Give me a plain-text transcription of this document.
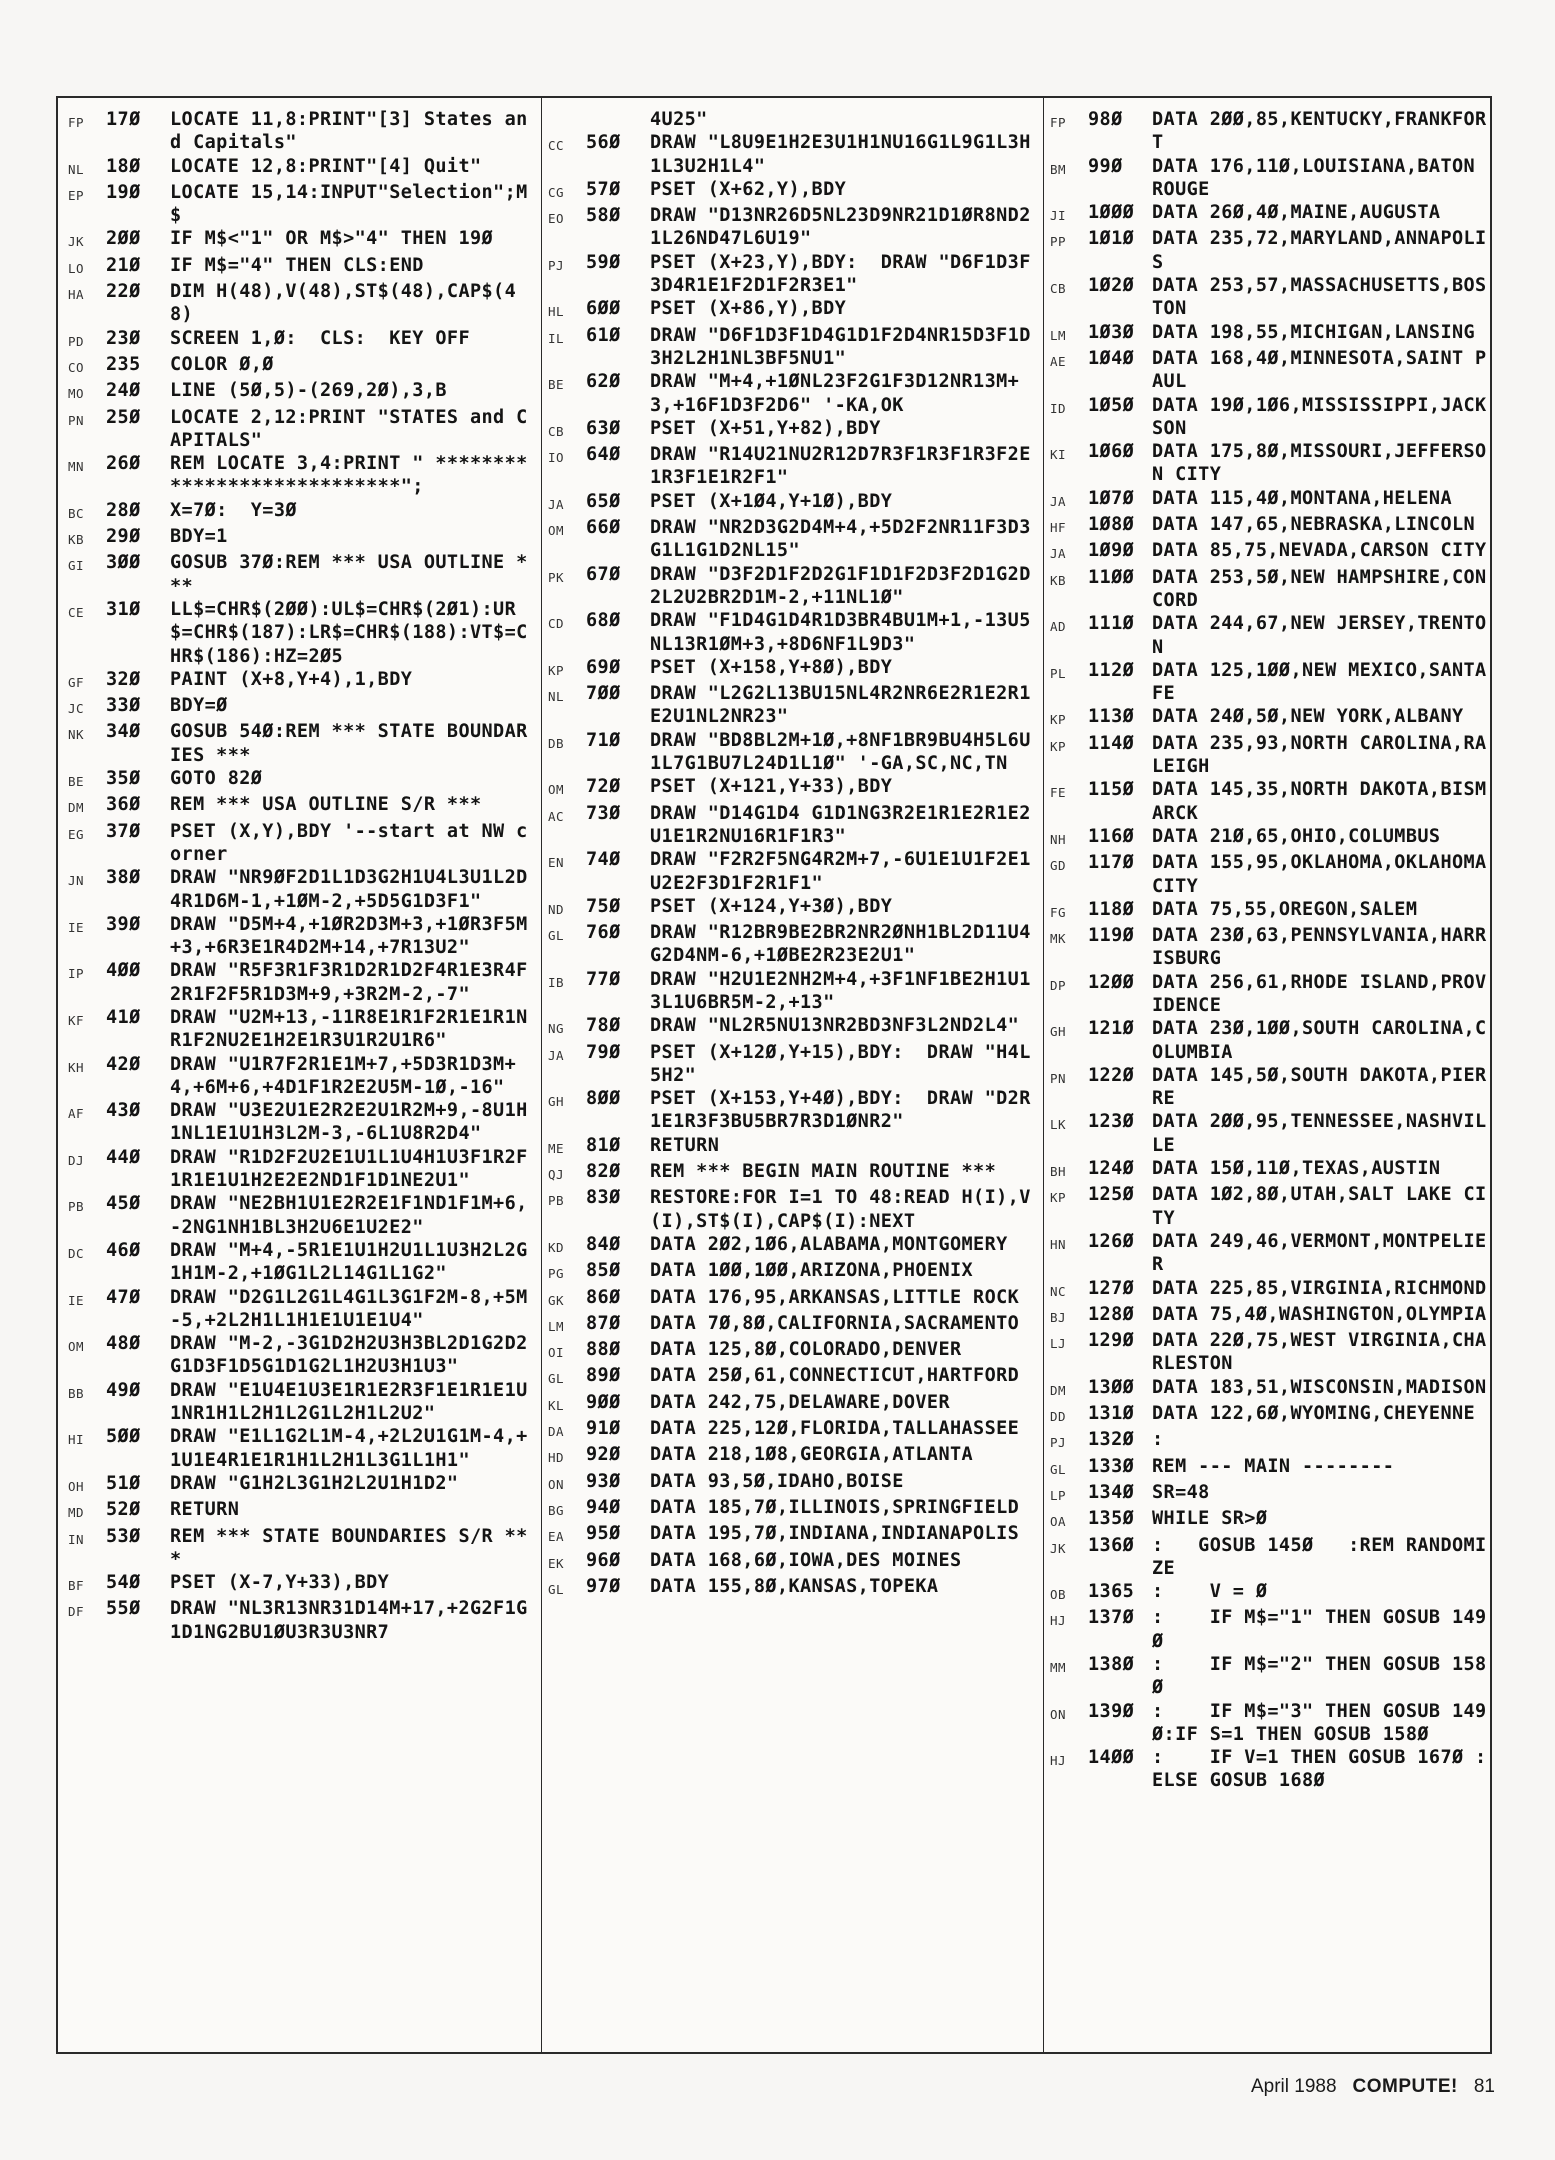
FP	17Ø	LOCATE 11,8:PRINT"[3] States and Capitals"
NL	18Ø	LOCATE 12,8:PRINT"[4] Quit"
EP	19Ø	LOCATE 15,14:INPUT"Selection";M$
JK	2ØØ	IF M$<"1" OR M$>"4" THEN 19Ø
LO	21Ø	IF M$="4" THEN CLS:END
HA	22Ø	DIM H(48),V(48),ST$(48),CAP$(48)
PD	23Ø	SCREEN 1,Ø:  CLS:  KEY OFF
CO	235	COLOR Ø,Ø
MO	24Ø	LINE (5Ø,5)-(269,2Ø),3,B
PN	25Ø	LOCATE 2,12:PRINT "STATES and CAPITALS"
MN	26Ø	REM LOCATE 3,4:PRINT " ****************************";
BC	28Ø	X=7Ø:  Y=3Ø
KB	29Ø	BDY=1
GI	3ØØ	GOSUB 37Ø:REM *** USA OUTLINE ***
CE	31Ø	LL$=CHR$(2ØØ):UL$=CHR$(2Ø1):UR$=CHR$(187):LR$=CHR$(188):VT$=CHR$(186):HZ=2Ø5
GF	32Ø	PAINT (X+8,Y+4),1,BDY
JC	33Ø	BDY=Ø
NK	34Ø	GOSUB 54Ø:REM *** STATE BOUNDARIES ***
BE	35Ø	GOTO 82Ø
DM	36Ø	REM *** USA OUTLINE S/R ***
EG	37Ø	PSET (X,Y),BDY '--start at NW corner
JN	38Ø	DRAW "NR9ØF2D1L1D3G2H1U4L3U1L2D4R1D6M-1,+1ØM-2,+5D5G1D3F1"
IE	39Ø	DRAW "D5M+4,+1ØR2D3M+3,+1ØR3F5M+3,+6R3E1R4D2M+14,+7R13U2"
IP	4ØØ	DRAW "R5F3R1F3R1D2R1D2F4R1E3R4F2R1F2F5R1D3M+9,+3R2M-2,-7"
KF	41Ø	DRAW "U2M+13,-11R8E1R1F2R1E1R1NR1F2NU2E1H2E1R3U1R2U1R6"
KH	42Ø	DRAW "U1R7F2R1E1M+7,+5D3R1D3M+4,+6M+6,+4D1F1R2E2U5M-1Ø,-16"
AF	43Ø	DRAW "U3E2U1E2R2E2U1R2M+9,-8U1H1NL1E1U1H3L2M-3,-6L1U8R2D4"
DJ	44Ø	DRAW "R1D2F2U2E1U1L1U4H1U3F1R2F1R1E1U1H2E2E2ND1F1D1NE2U1"
PB	45Ø	DRAW "NE2BH1U1E2R2E1F1ND1F1M+6,-2NG1NH1BL3H2U6E1U2E2"
DC	46Ø	DRAW "M+4,-5R1E1U1H2U1L1U3H2L2G1H1M-2,+1ØG1L2L14G1L1G2"
IE	47Ø	DRAW "D2G1L2G1L4G1L3G1F2M-8,+5M-5,+2L2H1L1H1E1U1E1U4"
OM	48Ø	DRAW "M-2,-3G1D2H2U3H3BL2D1G2D2G1D3F1D5G1D1G2L1H2U3H1U3"
BB	49Ø	DRAW "E1U4E1U3E1R1E2R3F1E1R1E1U1NR1H1L2H1L2G1L2H1L2U2"
HI	5ØØ	DRAW "E1L1G2L1M-4,+2L2U1G1M-4,+1U1E4R1E1R1H1L2H1L3G1L1H1"
OH	51Ø	DRAW "G1H2L3G1H2L2U1H1D2"
MD	52Ø	RETURN
IN	53Ø	REM *** STATE BOUNDARIES S/R ***
BF	54Ø	PSET (X-7,Y+33),BDY
DF	55Ø	DRAW "NL3R13NR31D14M+17,+2G2F1G1D1NG2BU1ØU3R3U3NR7
4U25"
CC	56Ø	DRAW "L8U9E1H2E3U1H1NU16G1L9G1L3H1L3U2H1L4"
CG	57Ø	PSET (X+62,Y),BDY
EO	58Ø	DRAW "D13NR26D5NL23D9NR21D1ØR8ND21L26ND47L6U19"
PJ	59Ø	PSET (X+23,Y),BDY:  DRAW "D6F1D3F3D4R1E1F2D1F2R3E1"
HL	6ØØ	PSET (X+86,Y),BDY
IL	61Ø	DRAW "D6F1D3F1D4G1D1F2D4NR15D3F1D3H2L2H1NL3BF5NU1"
BE	62Ø	DRAW "M+4,+1ØNL23F2G1F3D12NR13M+3,+16F1D3F2D6" '-KA,OK
CB	63Ø	PSET (X+51,Y+82),BDY
IO	64Ø	DRAW "R14U21NU2R12D7R3F1R3F1R3F2E1R3F1E1R2F1"
JA	65Ø	PSET (X+1Ø4,Y+1Ø),BDY
OM	66Ø	DRAW "NR2D3G2D4M+4,+5D2F2NR11F3D3G1L1G1D2NL15"
PK	67Ø	DRAW "D3F2D1F2D2G1F1D1F2D3F2D1G2D2L2U2BR2D1M-2,+11NL1Ø"
CD	68Ø	DRAW "F1D4G1D4R1D3BR4BU1M+1,-13U5NL13R1ØM+3,+8D6NF1L9D3"
KP	69Ø	PSET (X+158,Y+8Ø),BDY
NL	7ØØ	DRAW "L2G2L13BU15NL4R2NR6E2R1E2R1E2U1NL2NR23"
DB	71Ø	DRAW "BD8BL2M+1Ø,+8NF1BR9BU4H5L6U1L7G1BU7L24D1L1Ø" '-GA,SC,NC,TN
OM	72Ø	PSET (X+121,Y+33),BDY
AC	73Ø	DRAW "D14G1D4 G1D1NG3R2E1R1E2R1E2U1E1R2NU16R1F1R3"
EN	74Ø	DRAW "F2R2F5NG4R2M+7,-6U1E1U1F2E1U2E2F3D1F2R1F1"
ND	75Ø	PSET (X+124,Y+3Ø),BDY
GL	76Ø	DRAW "R12BR9BE2BR2NR2ØNH1BL2D11U4G2D4NM-6,+1ØBE2R23E2U1"
IB	77Ø	DRAW "H2U1E2NH2M+4,+3F1NF1BE2H1U13L1U6BR5M-2,+13"
NG	78Ø	DRAW "NL2R5NU13NR2BD3NF3L2ND2L4"
JA	79Ø	PSET (X+12Ø,Y+15),BDY:  DRAW "H4L5H2"
GH	8ØØ	PSET (X+153,Y+4Ø),BDY:  DRAW "D2R1E1R3F3BU5BR7R3D1ØNR2"
ME	81Ø	RETURN
QJ	82Ø	REM *** BEGIN MAIN ROUTINE ***
PB	83Ø	RESTORE:FOR I=1 TO 48:READ H(I),V(I),ST$(I),CAP$(I):NEXT
KD	84Ø	DATA 2Ø2,1Ø6,ALABAMA,MONTGOMERY
PG	85Ø	DATA 1ØØ,1ØØ,ARIZONA,PHOENIX
GK	86Ø	DATA 176,95,ARKANSAS,LITTLE ROCK
LM	87Ø	DATA 7Ø,8Ø,CALIFORNIA,SACRAMENTO
OI	88Ø	DATA 125,8Ø,COLORADO,DENVER
GL	89Ø	DATA 25Ø,61,CONNECTICUT,HARTFORD
KL	9ØØ	DATA 242,75,DELAWARE,DOVER
DA	91Ø	DATA 225,12Ø,FLORIDA,TALLAHASSEE
HD	92Ø	DATA 218,1Ø8,GEORGIA,ATLANTA
ON	93Ø	DATA 93,5Ø,IDAHO,BOISE
BG	94Ø	DATA 185,7Ø,ILLINOIS,SPRINGFIELD
EA	95Ø	DATA 195,7Ø,INDIANA,INDIANAPOLIS
EK	96Ø	DATA 168,6Ø,IOWA,DES MOINES
GL	97Ø	DATA 155,8Ø,KANSAS,TOPEKA
FP	98Ø	DATA 2ØØ,85,KENTUCKY,FRANKFORT
BM	99Ø	DATA 176,11Ø,LOUISIANA,BATON ROUGE
JI	1ØØØ DATA 26Ø,4Ø,MAINE,AUGUSTA
PP	1Ø1Ø DATA 235,72,MARYLAND,ANNAPOLIS
CB	1Ø2Ø DATA 253,57,MASSACHUSETTS,BOSTON
LM	1Ø3Ø DATA 198,55,MICHIGAN,LANSING
AE	1Ø4Ø DATA 168,4Ø,MINNESOTA,SAINT PAUL
ID	1Ø5Ø DATA 19Ø,1Ø6,MISSISSIPPI,JACKSON
KI	1Ø6Ø DATA 175,8Ø,MISSOURI,JEFFERSON CITY
JA	1Ø7Ø DATA 115,4Ø,MONTANA,HELENA
HF	1Ø8Ø DATA 147,65,NEBRASKA,LINCOLN
JA	1Ø9Ø DATA 85,75,NEVADA,CARSON CITY
KB	11ØØ DATA 253,5Ø,NEW HAMPSHIRE,CONCORD
AD	111Ø DATA 244,67,NEW JERSEY,TRENTON
PL	112Ø DATA 125,1ØØ,NEW MEXICO,SANTA FE
KP	113Ø DATA 24Ø,5Ø,NEW YORK,ALBANY
KP	114Ø DATA 235,93,NORTH CAROLINA,RALEIGH
FE	115Ø DATA 145,35,NORTH DAKOTA,BISMARCK
NH	116Ø DATA 21Ø,65,OHIO,COLUMBUS
GD	117Ø DATA 155,95,OKLAHOMA,OKLAHOMA CITY
FG	118Ø DATA 75,55,OREGON,SALEM
MK	119Ø DATA 23Ø,63,PENNSYLVANIA,HARRISBURG
DP	12ØØ DATA 256,61,RHODE ISLAND,PROVIDENCE
GH	121Ø DATA 23Ø,1ØØ,SOUTH CAROLINA,COLUMBIA
PN	122Ø DATA 145,5Ø,SOUTH DAKOTA,PIERRE
LK	123Ø DATA 2ØØ,95,TENNESSEE,NASHVILLE
BH	124Ø DATA 15Ø,11Ø,TEXAS,AUSTIN
KP	125Ø DATA 1Ø2,8Ø,UTAH,SALT LAKE CITY
HN	126Ø DATA 249,46,VERMONT,MONTPELIER
NC	127Ø DATA 225,85,VIRGINIA,RICHMOND
BJ	128Ø DATA 75,4Ø,WASHINGTON,OLYMPIA
LJ	129Ø DATA 22Ø,75,WEST VIRGINIA,CHARLESTON
DM	13ØØ DATA 183,51,WISCONSIN,MADISON
DD	131Ø DATA 122,6Ø,WYOMING,CHEYENNE
PJ	132Ø :
GL	133Ø REM --- MAIN --------
LP	134Ø SR=48
OA	135Ø WHILE SR>Ø
JK	136Ø :   GOSUB 145Ø   :REM RANDOMIZE
OB	1365 :    V = Ø
HJ	137Ø :    IF M$="1" THEN GOSUB 149Ø
MM	138Ø :    IF M$="2" THEN GOSUB 158Ø
ON	139Ø :    IF M$="3" THEN GOSUB 149Ø:IF S=1 THEN GOSUB 158Ø
HJ	14ØØ :    IF V=1 THEN GOSUB 167Ø :ELSE GOSUB 168Ø
April 1988 COMPUTE! 81
